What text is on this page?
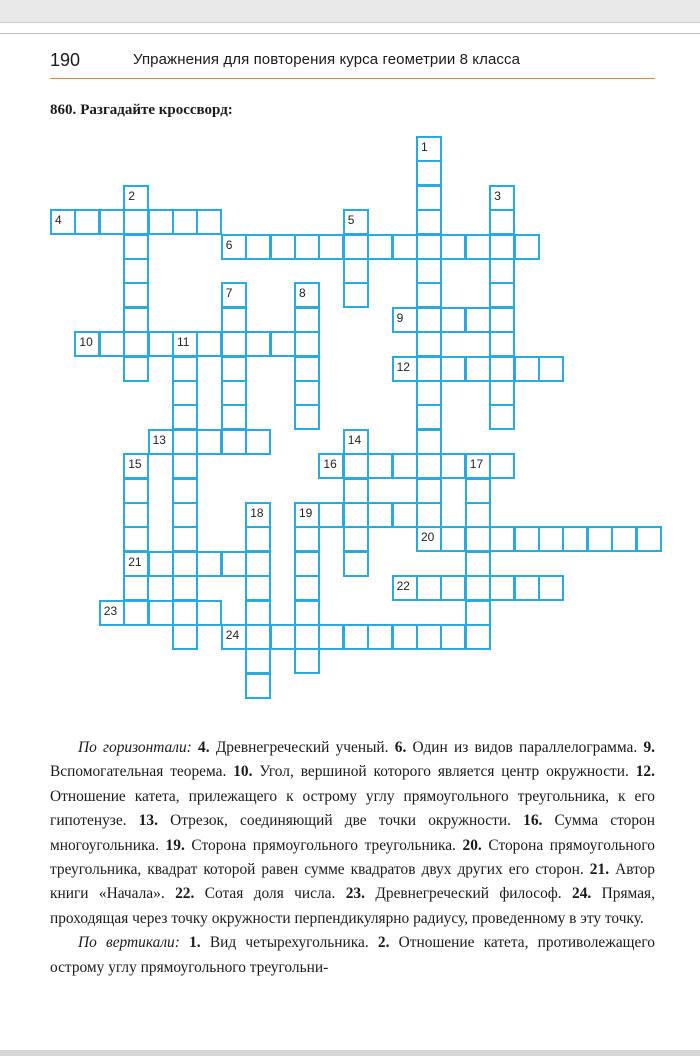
190	Упражнения для повторения курса геометрии 8 класса
860. Разгадайте кроссворд:
4
6
9
10
12
13
16
19
20
21
22
23
24
1
2	3
5
7	8
11
14
15	17
18

По горизонтали: 4. Древнегреческий ученый. 6. Один из видов параллелограмма. 9. Вспомогательная теорема. 10. Угол, вершиной которого является центр окружности. 12. Отношение катета, прилежащего к острому углу прямоугольного треугольника, к его гипотенузе. 13. Отрезок, соединяющий две точки окружности. 16. Сумма сторон многоугольника. 19. Сторона прямоугольного треугольника. 20. Сторона прямоугольного треугольника, квадрат которой равен сумме квадратов двух других его сторон. 21. Автор книги «Начала». 22. Сотая доля числа. 23. Древнегреческий философ. 24. Прямая, проходящая через точку окружности перпендикулярно радиусу, проведенному в эту точку.

По вертикали: 1. Вид четырехугольника. 2. Отношение катета, противолежащего острому углу прямоугольного треугольни-
